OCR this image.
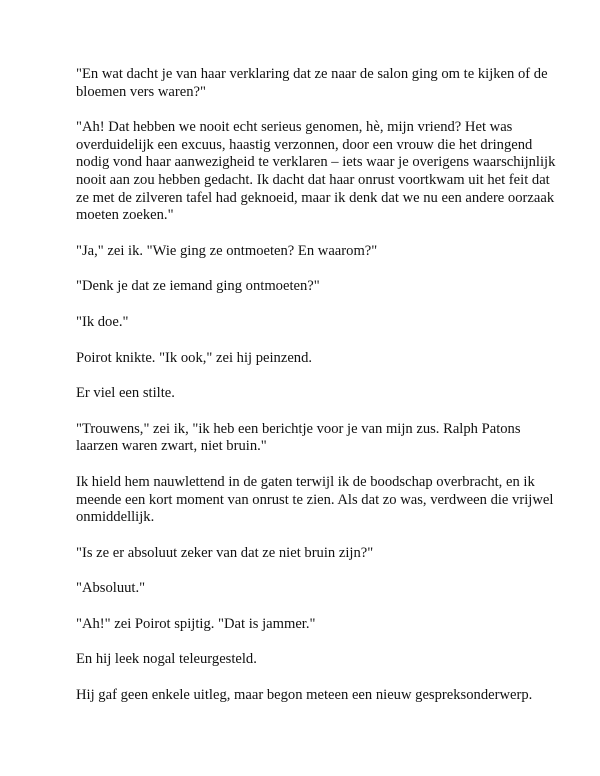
"En wat dacht je van haar verklaring dat ze naar de salon ging om te kijken of de bloemen vers waren?"

"Ah! Dat hebben we nooit echt serieus genomen, hè, mijn vriend? Het was overduidelijk een excuus, haastig verzonnen, door een vrouw die het dringend nodig vond haar aanwezigheid te verklaren – iets waar je overigens waarschijnlijk nooit aan zou hebben gedacht. Ik dacht dat haar onrust voortkwam uit het feit dat ze met de zilveren tafel had geknoeid, maar ik denk dat we nu een andere oorzaak moeten zoeken."

"Ja," zei ik. "Wie ging ze ontmoeten? En waarom?"

"Denk je dat ze iemand ging ontmoeten?"

"Ik doe."

Poirot knikte. "Ik ook," zei hij peinzend.

Er viel een stilte.

"Trouwens," zei ik, "ik heb een berichtje voor je van mijn zus. Ralph Patons laarzen waren zwart, niet bruin."

Ik hield hem nauwlettend in de gaten terwijl ik de boodschap overbracht, en ik meende een kort moment van onrust te zien. Als dat zo was, verdween die vrijwel onmiddellijk.

"Is ze er absoluut zeker van dat ze niet bruin zijn?"

"Absoluut."

"Ah!" zei Poirot spijtig. "Dat is jammer."

En hij leek nogal teleurgesteld.

Hij gaf geen enkele uitleg, maar begon meteen een nieuw gespreksonderwerp.
